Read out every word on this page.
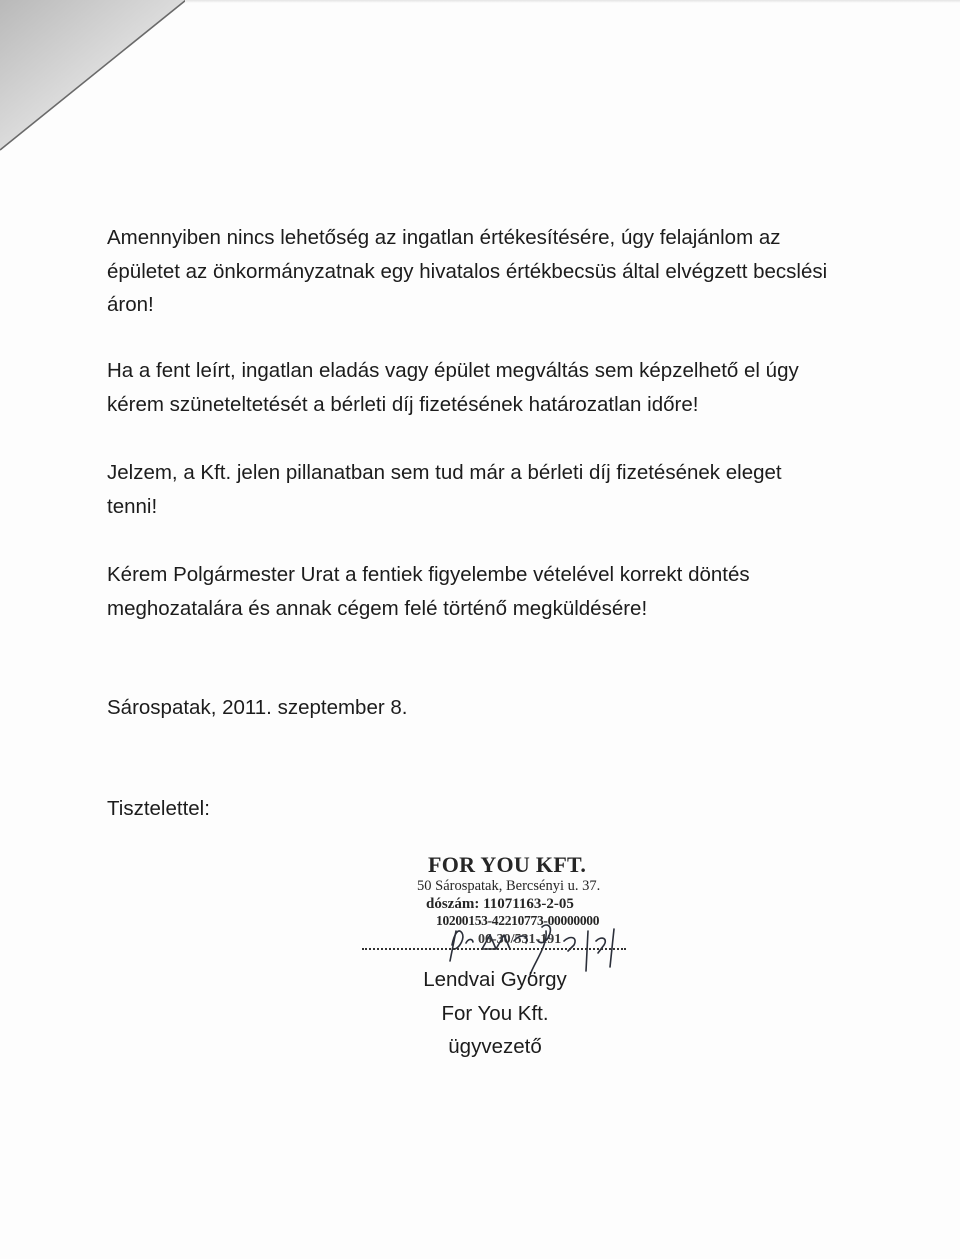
Amennyiben nincs lehetőség az ingatlan értékesítésére, úgy felajánlom az
épületet az önkormányzatnak egy hivatalos értékbecsüs által elvégzett becslési
áron!
Ha a fent leírt, ingatlan eladás vagy épület megváltás sem képzelhető el úgy
kérem szüneteltetését a bérleti díj fizetésének határozatlan időre!
Jelzem, a Kft. jelen pillanatban sem tud már a bérleti díj fizetésének eleget
tenni!
Kérem Polgármester Urat a fentiek figyelembe vételével korrekt döntés
meghozatalára és annak cégem felé történő megküldésére!
Sárospatak, 2011. szeptember 8.
Tisztelettel:
FOR YOU KFT.
50 Sárospatak, Bercsényi u. 37.
dószám: 11071163-2-05
10200153-42210773-00000000
06-30/531-191
Lendvai György
For You Kft.
ügyvezető
